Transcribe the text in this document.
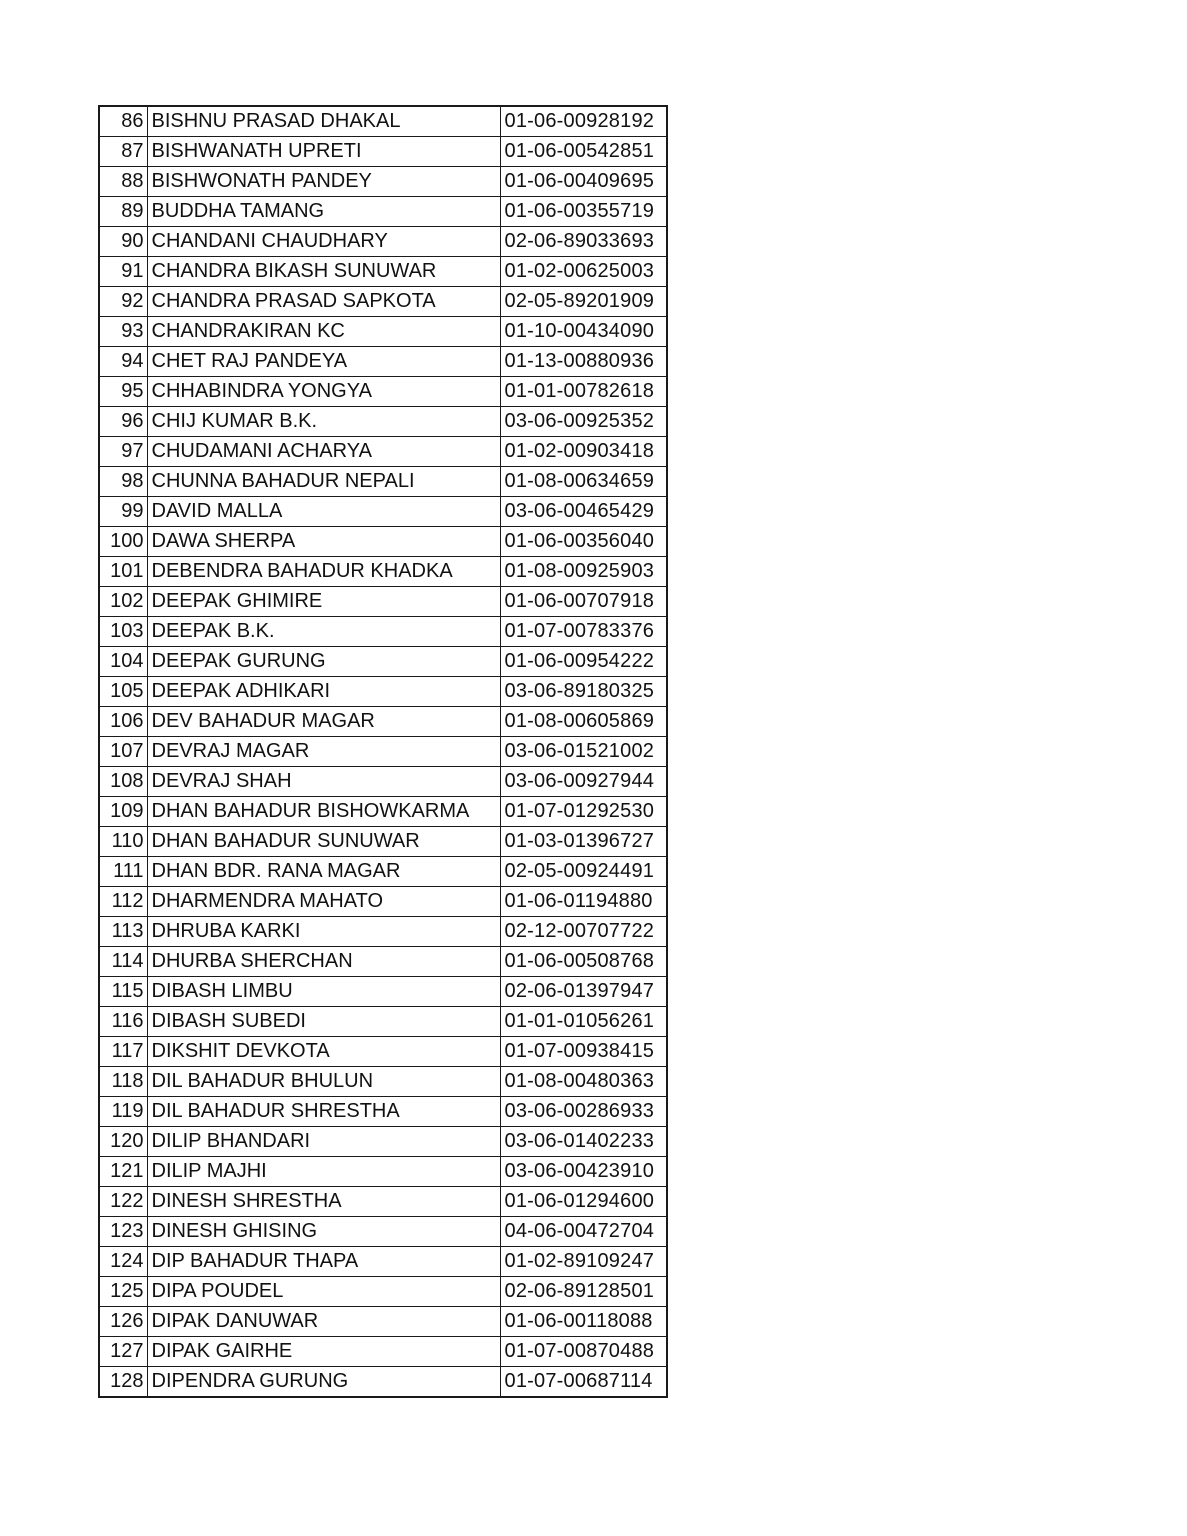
86	BISHNU PRASAD DHAKAL	01-06-00928192
87	BISHWANATH UPRETI	01-06-00542851
88	BISHWONATH PANDEY	01-06-00409695
89	BUDDHA TAMANG	01-06-00355719
90	CHANDANI CHAUDHARY	02-06-89033693
91	CHANDRA BIKASH SUNUWAR	01-02-00625003
92	CHANDRA PRASAD SAPKOTA	02-05-89201909
93	CHANDRAKIRAN KC	01-10-00434090
94	CHET RAJ PANDEYA	01-13-00880936
95	CHHABINDRA YONGYA	01-01-00782618
96	CHIJ KUMAR B.K.	03-06-00925352
97	CHUDAMANI ACHARYA	01-02-00903418
98	CHUNNA BAHADUR NEPALI	01-08-00634659
99	DAVID MALLA	03-06-00465429
100	DAWA SHERPA	01-06-00356040
101	DEBENDRA BAHADUR KHADKA	01-08-00925903
102	DEEPAK GHIMIRE	01-06-00707918
103	DEEPAK B.K.	01-07-00783376
104	DEEPAK GURUNG	01-06-00954222
105	DEEPAK ADHIKARI	03-06-89180325
106	DEV BAHADUR MAGAR	01-08-00605869
107	DEVRAJ MAGAR	03-06-01521002
108	DEVRAJ SHAH	03-06-00927944
109	DHAN BAHADUR BISHOWKARMA	01-07-01292530
110	DHAN BAHADUR SUNUWAR	01-03-01396727
111	DHAN BDR. RANA MAGAR	02-05-00924491
112	DHARMENDRA MAHATO	01-06-01194880
113	DHRUBA KARKI	02-12-00707722
114	DHURBA SHERCHAN	01-06-00508768
115	DIBASH LIMBU	02-06-01397947
116	DIBASH SUBEDI	01-01-01056261
117	DIKSHIT DEVKOTA	01-07-00938415
118	DIL BAHADUR BHULUN	01-08-00480363
119	DIL BAHADUR SHRESTHA	03-06-00286933
120	DILIP BHANDARI	03-06-01402233
121	DILIP MAJHI	03-06-00423910
122	DINESH SHRESTHA	01-06-01294600
123	DINESH GHISING	04-06-00472704
124	DIP BAHADUR THAPA	01-02-89109247
125	DIPA POUDEL	02-06-89128501
126	DIPAK DANUWAR	01-06-00118088
127	DIPAK GAIRHE	01-07-00870488
128	DIPENDRA GURUNG	01-07-00687114
